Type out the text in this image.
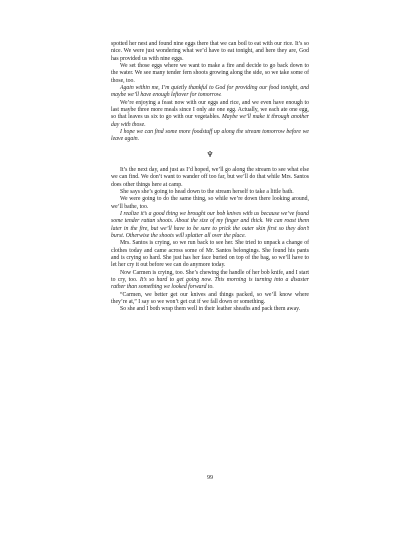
spotted her nest and found nine eggs there that we can boil to eat with our rice. It’s so nice. We were just wondering what we’d have to eat tonight, and here they are, God has provided us with nine eggs.

We set those eggs where we want to make a fire and decide to go back down to the water. We see many tender fern shoots growing along the side, so we take some of those, too.

Again within me, I’m quietly thankful to God for providing our food tonight, and maybe we’ll have enough leftover for tomorrow.

We’re enjoying a feast now with our eggs and rice, and we even have enough to last maybe three more meals since I only ate one egg. Actually, we each ate one egg, so that leaves us six to go with our vegetables. Maybe we’ll make it through another day with those.

I hope we can find some more foodstuff up along the stream tomorrow before we leave again.

♆

It’s the next day, and just as I’d hoped, we’ll go along the stream to see what else we can find. We don’t want to wander off too far, but we’ll do that while Mrs. Santos does other things here at camp.

She says she’s going to head down to the stream herself to take a little bath.

We were going to do the same thing, so while we’re down there looking around, we’ll bathe, too.

I realize it’s a good thing we brought our bob knives with us because we’ve found some tender rattan shoots. About the size of my finger and thick. We can roast them later in the fire, but we’ll have to be sure to prick the outer skin first so they don’t burst. Otherwise the shoots will splatter all over the place.

Mrs. Santos is crying, so we run back to see her. She tried to unpack a change of clothes today and came across some of Mr. Santos belongings. She found his pants and is crying so hard. She just has her face buried on top of the bag, so we’ll have to let her cry it out before we can do anymore today.

Now Carmen is crying, too. She’s chewing the handle of her bob knife, and I start to cry, too. It’s so hard to get going now. This morning is turning into a disaster rather than something we looked forward to.

“Carmen, we better get our knives and things packed, so we’ll know where they’re at,” I say so we won’t get cut if we fall down or something.

So she and I both wrap them well in their leather sheaths and pack them away.

99
